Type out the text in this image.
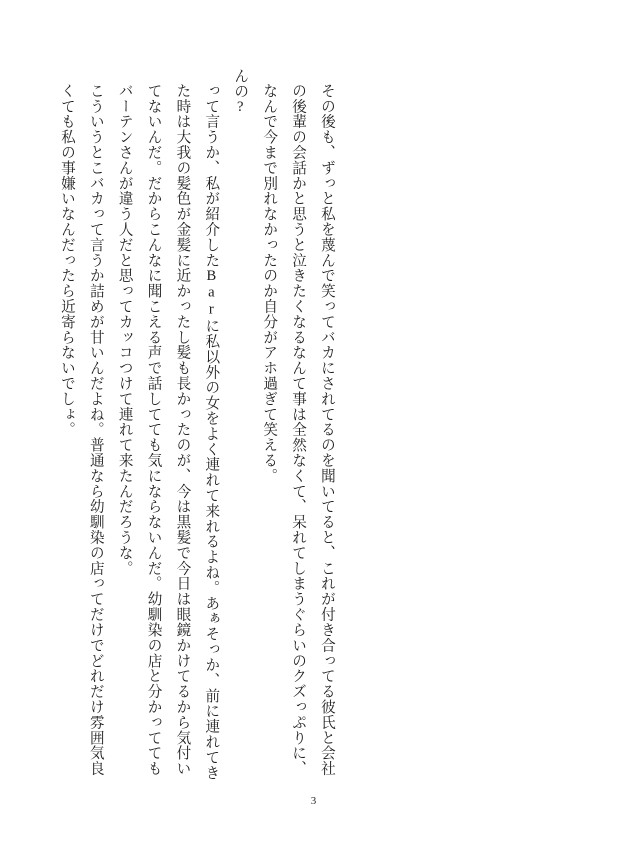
こういうとこバカって言うか詰めが甘いんだよね。普通なら幼馴染の店ってだけでどれだけ雰囲気良くても私の事嫌いなんだったら近寄らないでしょ。	って言うか、私が紹介したBarに私以外の女をよく連れて来れるよね。あぁそっか、前に連れてきた時は大我の髪色が金髪に近かったし髪も長かったのが、今は黒髪で今日は眼鏡かけてるから気付いてないんだ。だからこんなに聞こえる声で話してても気にならないんだ。幼馴染の店と分かっててもバーテンさんが違う人だと思ってカッコつけて連れて来たんだろうな。	んの?	その後も、ずっと私を蔑んで笑ってバカにされてるのを聞いてると、これが付き合ってる彼氏と会社の後輩の会話かと思うと泣きたくなるなんて事は全然なくて、呆れてしまうぐらいのクズっぷりに、なんで今まで別れなかったのか自分がアホ過ぎて笑える。
3
